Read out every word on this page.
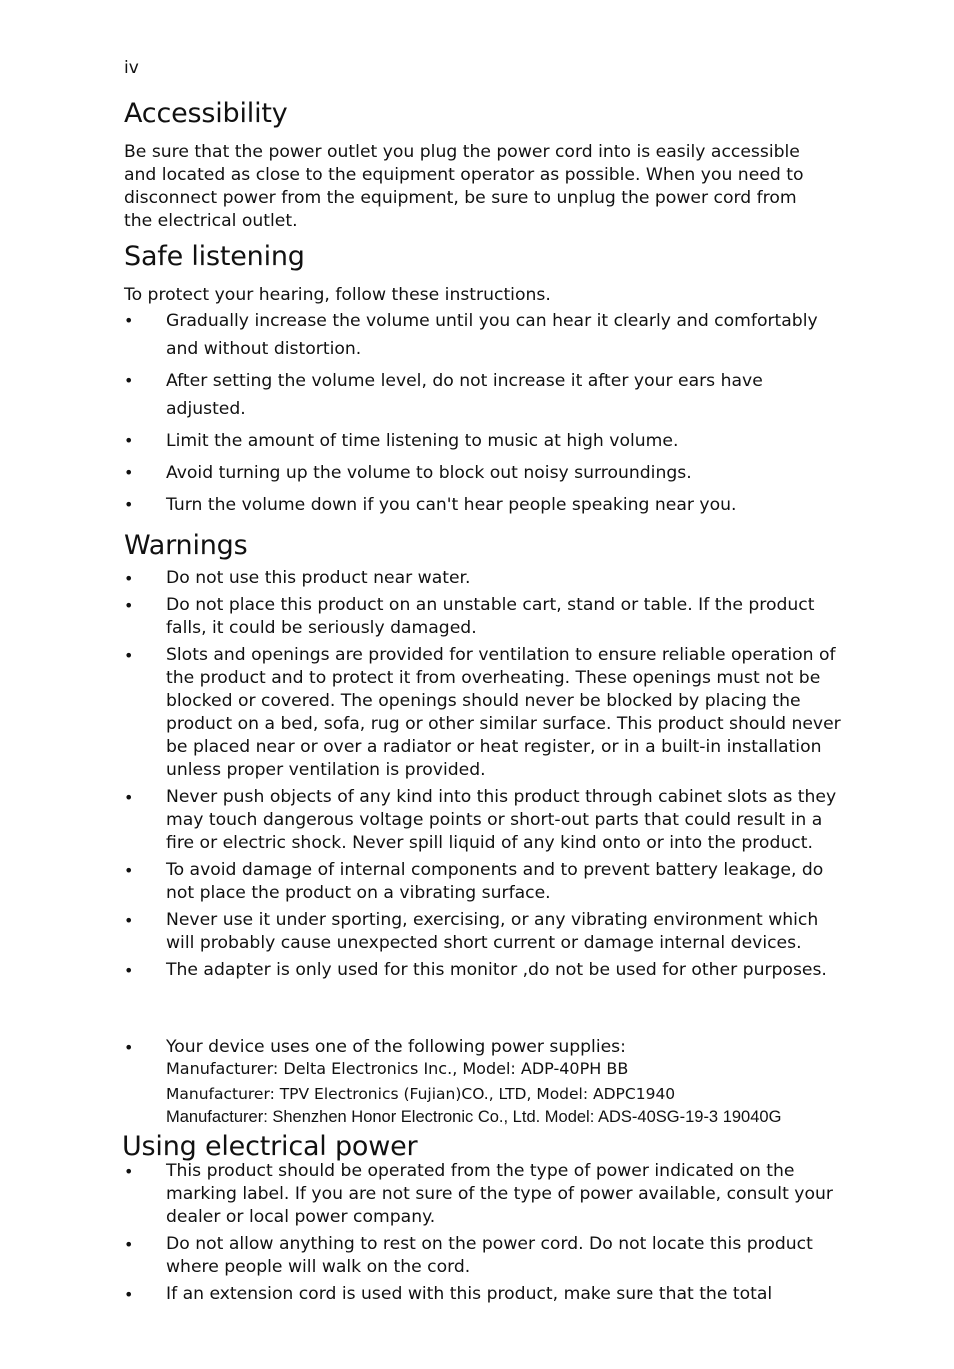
iv
Accessibility

Be sure that the power outlet you plug the power cord into is easily accessible and located as close to the equipment operator as possible. When you need to disconnect power from the equipment, be sure to unplug the power cord from the electrical outlet.

Safe listening

To protect your hearing, follow these instructions.

• Gradually increase the volume until you can hear it clearly and comfortably and without distortion.
• After setting the volume level, do not increase it after your ears have adjusted.
• Limit the amount of time listening to music at high volume.
• Avoid turning up the volume to block out noisy surroundings.
• Turn the volume down if you can't hear people speaking near you.
Warnings
• Do not use this product near water.
• Do not place this product on an unstable cart, stand or table. If the product falls, it could be seriously damaged.
• Slots and openings are provided for ventilation to ensure reliable operation of the product and to protect it from overheating. These openings must not be blocked or covered. The openings should never be blocked by placing the product on a bed, sofa, rug or other similar surface. This product should never be placed near or over a radiator or heat register, or in a built-in installation unless proper ventilation is provided.
• Never push objects of any kind into this product through cabinet slots as they may touch dangerous voltage points or short-out parts that could result in a fire or electric shock. Never spill liquid of any kind onto or into the product.
• To avoid damage of internal components and to prevent battery leakage, do not place the product on a vibrating surface.
• Never use it under sporting, exercising, or any vibrating environment which will probably cause unexpected short current or damage internal devices.
• The adapter is only used for this monitor ,do not be used for other purposes.
• Your device uses one of the following power supplies:
Manufacturer: Delta Electronics Inc., Model: ADP-40PH BB
Manufacturer: TPV Electronics (Fujian)CO., LTD, Model: ADPC1940
Manufacturer: Shenzhen Honor Electronic Co., Ltd. Model: ADS-40SG-19-3 19040G
Using electrical power
• This product should be operated from the type of power indicated on the marking label. If you are not sure of the type of power available, consult your dealer or local power company.
• Do not allow anything to rest on the power cord. Do not locate this product where people will walk on the cord.
• If an extension cord is used with this product, make sure that the total
